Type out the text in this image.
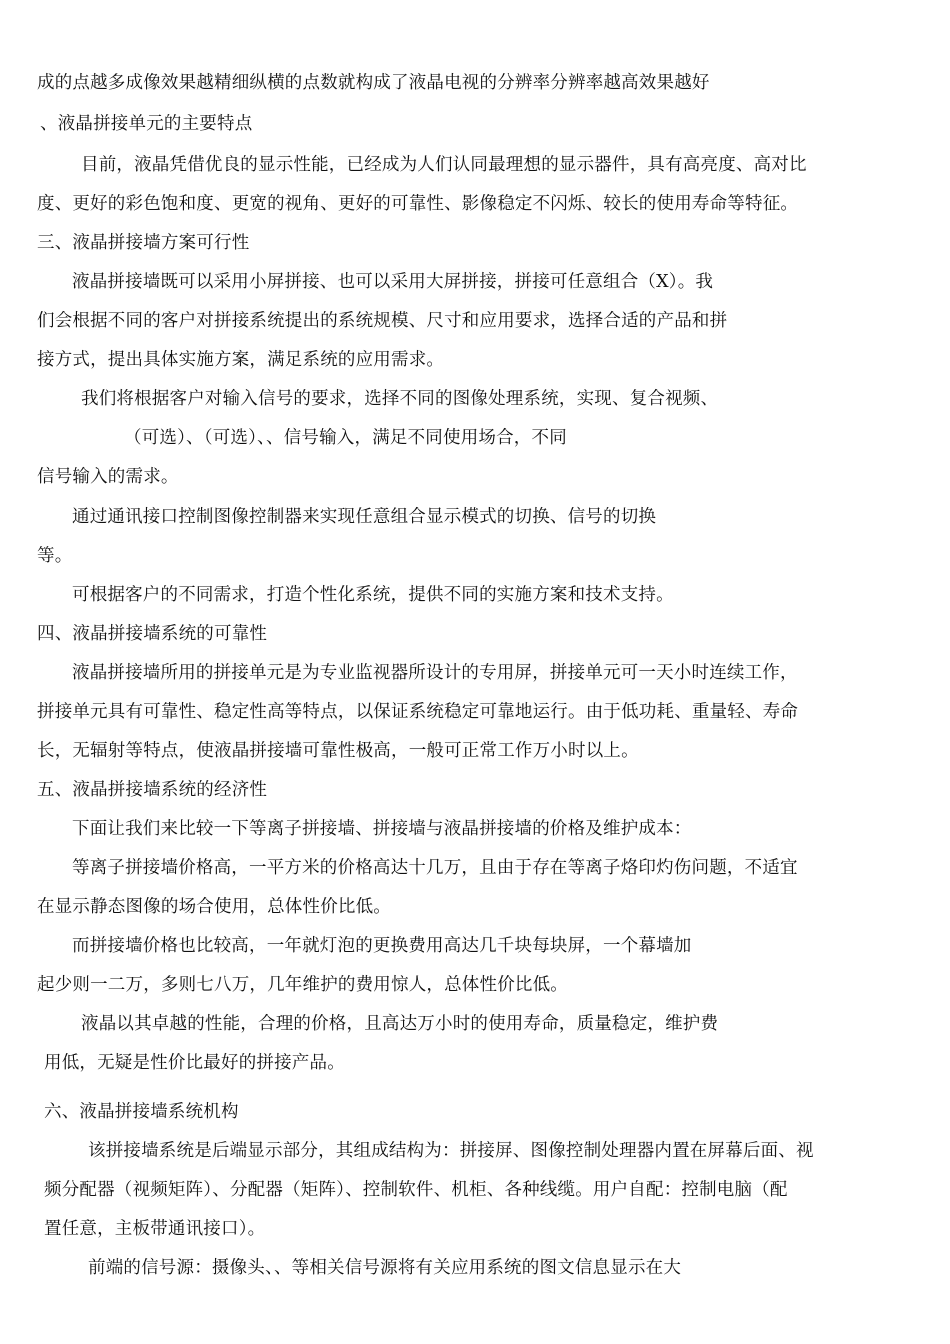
成的点越多成像效果越精细纵横的点数就构成了液晶电视的分辨率分辨率越高效果越好
、液晶拼接单元的主要特点
目前，液晶凭借优良的显示性能，已经成为人们认同最理想的显示器件，具有高亮度、高对比
度、更好的彩色饱和度、更宽的视角、更好的可靠性、影像稳定不闪烁、较长的使用寿命等特征。
三、液晶拼接墙方案可行性
液晶拼接墙既可以采用小屏拼接、也可以采用大屏拼接，拼接可任意组合（X）。我
们会根据不同的客户对拼接系统提出的系统规模、尺寸和应用要求，选择合适的产品和拼
接方式，提出具体实施方案，满足系统的应用需求。
我们将根据客户对输入信号的要求，选择不同的图像处理系统，实现、复合视频、
（可选）、（可选）、、信号输入，满足不同使用场合，不同
信号输入的需求。
通过通讯接口控制图像控制器来实现任意组合显示模式的切换、信号的切换
等。
可根据客户的不同需求，打造个性化系统，提供不同的实施方案和技术支持。
四、液晶拼接墙系统的可靠性
液晶拼接墙所用的拼接单元是为专业监视器所设计的专用屏，拼接单元可一天小时连续工作，
拼接单元具有可靠性、稳定性高等特点，以保证系统稳定可靠地运行。由于低功耗、重量轻、寿命
长，无辐射等特点，使液晶拼接墙可靠性极高，一般可正常工作万小时以上。
五、液晶拼接墙系统的经济性
下面让我们来比较一下等离子拼接墙、拼接墙与液晶拼接墙的价格及维护成本：
等离子拼接墙价格高，一平方米的价格高达十几万，且由于存在等离子烙印灼伤问题，不适宜
在显示静态图像的场合使用，总体性价比低。
而拼接墙价格也比较高，一年就灯泡的更换费用高达几千块每块屏，一个幕墙加
起少则一二万，多则七八万，几年维护的费用惊人，总体性价比低。
液晶以其卓越的性能，合理的价格，且高达万小时的使用寿命，质量稳定，维护费
用低，无疑是性价比最好的拼接产品。
六、液晶拼接墙系统机构
该拼接墙系统是后端显示部分，其组成结构为：拼接屏、图像控制处理器内置在屏幕后面、视
频分配器（视频矩阵）、分配器（矩阵）、控制软件、机柜、各种线缆。用户自配：控制电脑（配
置任意，主板带通讯接口）。
前端的信号源：摄像头、、等相关信号源将有关应用系统的图文信息显示在大
